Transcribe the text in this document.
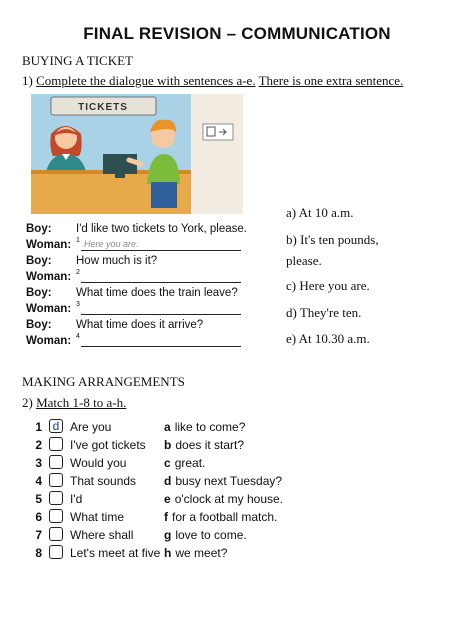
FINAL REVISION – COMMUNICATION
BUYING A TICKET
1) Complete the dialogue with sentences a-e. There is one extra sentence.
TICKETS
Boy: I'd like two tickets to York, please.
Woman: 1 Here you are.
Boy: How much is it?
Woman: 2
Boy: What time does the train leave?
Woman: 3
Boy: What time does it arrive?
Woman: 4
a) At 10 a.m.
b) It's ten pounds,
please.
c) Here you are.
d) They're ten.
e) At 10.30 a.m.
MAKING ARRANGEMENTS
2) Match 1-8 to a-h.
1 d Are you	a like to come?
2 I've got tickets b does it start?
3 Would you	c great.
4 That sounds d busy next Tuesday?
5 I'd	e o'clock at my house.
6 What time	f for a football match.
7 Where shall	g love to come.
8 Let's meet at five h we meet?
